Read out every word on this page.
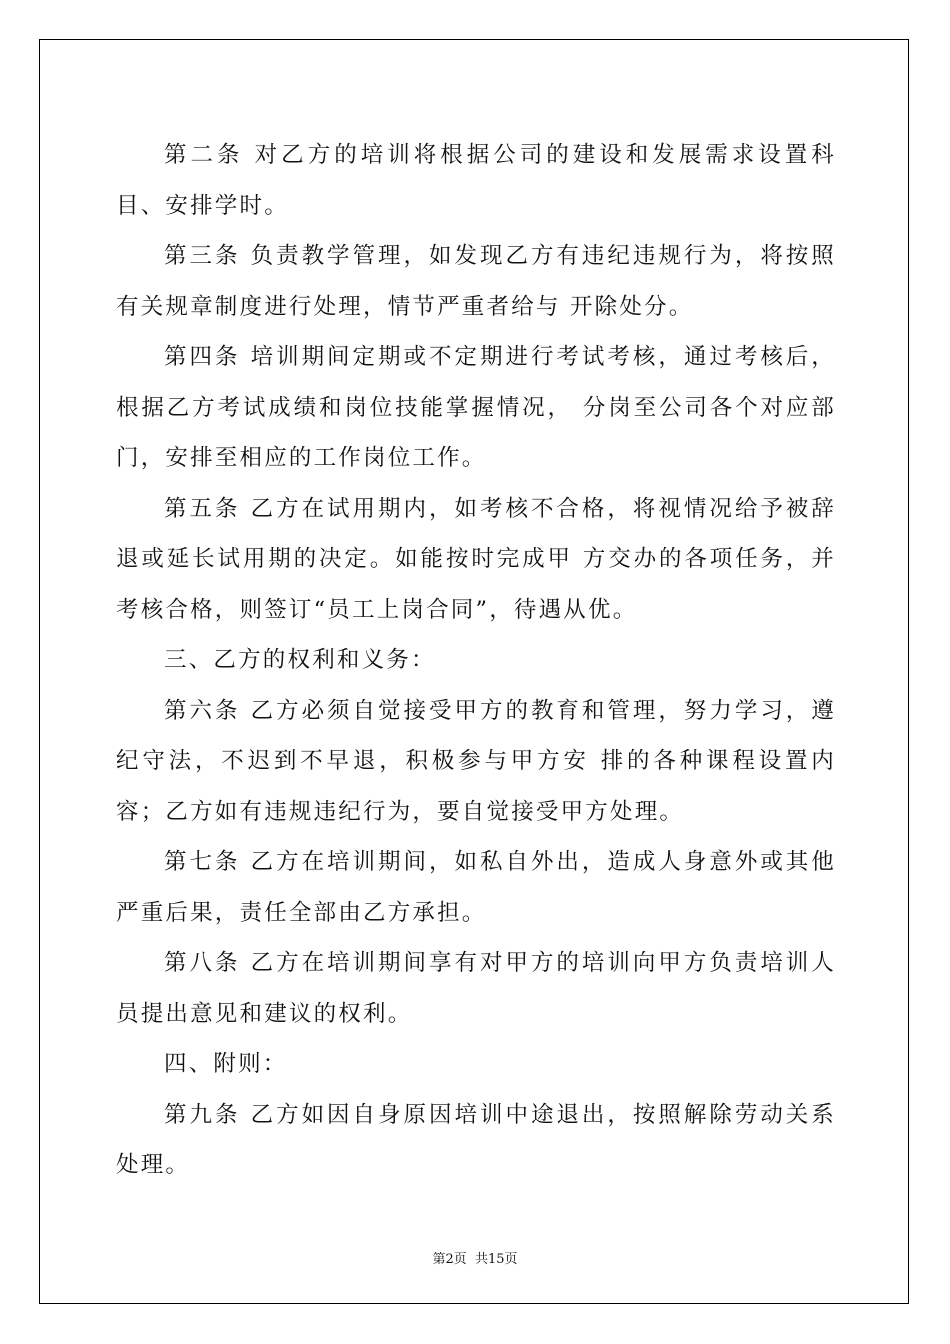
第二条 对乙方的培训将根据公司的建设和发展需求设置科目、安排学时。

第三条 负责教学管理，如发现乙方有违纪违规行为，将按照有关规章制度进行处理，情节严重者给与 开除处分。

第四条 培训期间定期或不定期进行考试考核，通过考核后，根据乙方考试成绩和岗位技能掌握情况， 分岗至公司各个对应部门，安排至相应的工作岗位工作。

第五条 乙方在试用期内，如考核不合格，将视情况给予被辞退或延长试用期的决定。如能按时完成甲 方交办的各项任务，并考核合格，则签订“员工上岗合同”，待遇从优。

三、乙方的权利和义务：

第六条 乙方必须自觉接受甲方的教育和管理，努力学习，遵纪守法，不迟到不早退，积极参与甲方安 排的各种课程设置内容；乙方如有违规违纪行为，要自觉接受甲方处理。

第七条 乙方在培训期间，如私自外出，造成人身意外或其他严重后果，责任全部由乙方承担。

第八条 乙方在培训期间享有对甲方的培训向甲方负责培训人员提出意见和建议的权利。

四、附则：

第九条 乙方如因自身原因培训中途退出，按照解除劳动关系处理。

第2页  共15页
